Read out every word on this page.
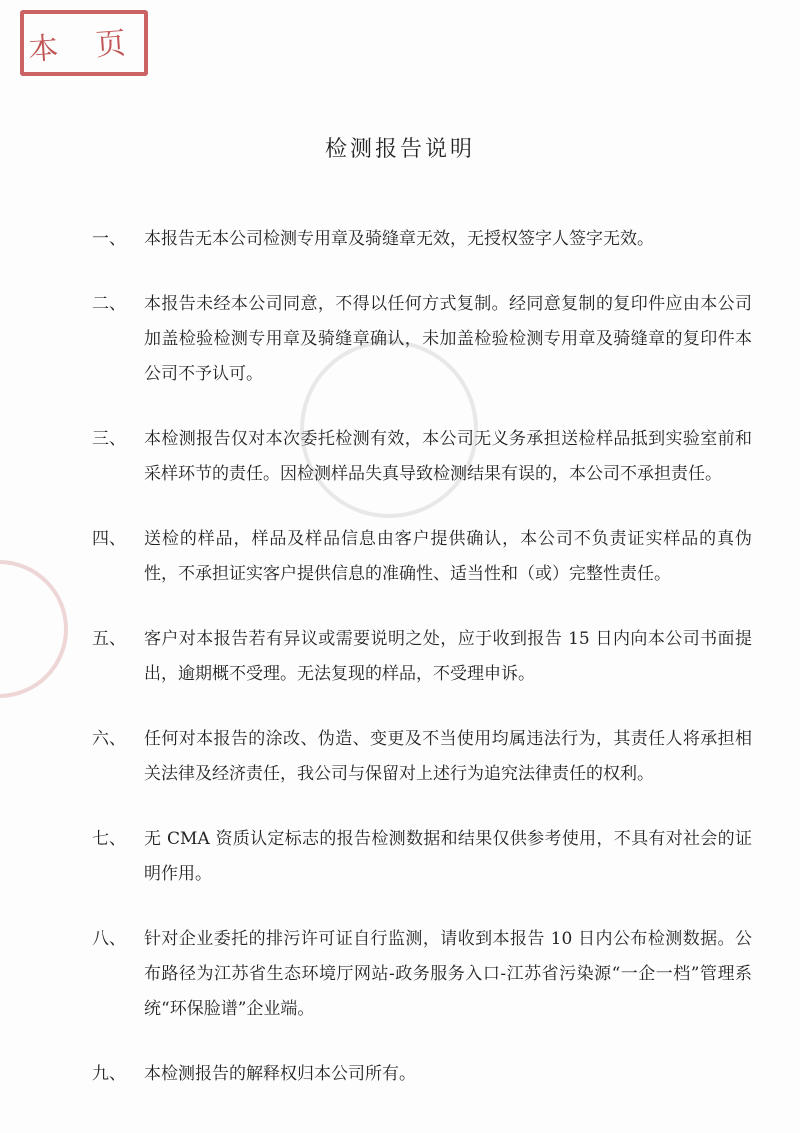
本 页
检测报告说明
一、	本报告无本公司检测专用章及骑缝章无效，无授权签字人签字无效。
二、	本报告未经本公司同意，不得以任何方式复制。经同意复制的复印件应由本公司加盖检验检测专用章及骑缝章确认，未加盖检验检测专用章及骑缝章的复印件本公司不予认可。
三、	本检测报告仅对本次委托检测有效，本公司无义务承担送检样品抵到实验室前和采样环节的责任。因检测样品失真导致检测结果有误的，本公司不承担责任。
四、	送检的样品，样品及样品信息由客户提供确认，本公司不负责证实样品的真伪性，不承担证实客户提供信息的准确性、适当性和（或）完整性责任。
五、	客户对本报告若有异议或需要说明之处，应于收到报告 15 日内向本公司书面提出，逾期概不受理。无法复现的样品，不受理申诉。
六、	任何对本报告的涂改、伪造、变更及不当使用均属违法行为，其责任人将承担相关法律及经济责任，我公司与保留对上述行为追究法律责任的权利。
七、	无 CMA 资质认定标志的报告检测数据和结果仅供参考使用，不具有对社会的证明作用。
八、	针对企业委托的排污许可证自行监测，请收到本报告 10 日内公布检测数据。公布路径为江苏省生态环境厅网站-政务服务入口-江苏省污染源“一企一档”管理系统“环保脸谱”企业端。
九、	本检测报告的解释权归本公司所有。
